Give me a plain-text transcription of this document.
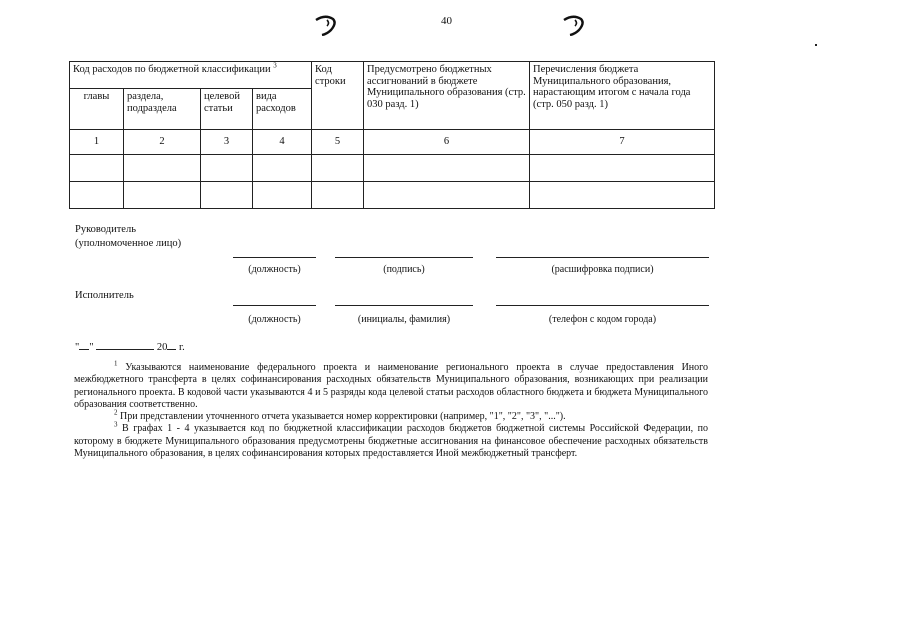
40
Код расходов по бюджетной классификации $^3$				Код строки	Предусмотрено бюджетных ассигнований в бюджете Муниципального образования (стр. 030 разд. 1)	Перечисления бюджета Муниципального образования, нарастающим итогом с начала года (стр. 050 разд. 1)
главы	раздела, подраздела	целевой статьи	вида расходов			
1	2	3	4	5	6	7

Руководитель
(уполномоченное лицо)
(должность)	(подпись)	(расшифровка подписи)
Исполнитель
(должность)	(инициалы, фамилия)	(телефон с кодом города)
" "	20 г.

$^1$ Указываются наименование федерального проекта и наименование регионального проекта в случае предоставления Иного межбюджетного трансферта в целях софинансирования расходных обязательств Муниципального образования, возникающих при реализации регионального проекта. В кодовой части указываются 4 и 5 разряды кода целевой статьи расходов областного бюджета и бюджета Муниципального образования соответственно.

$^2$ При представлении уточненного отчета указывается номер корректировки (например, "1", "2", "3", "...").

$^3$ В графах 1 - 4 указывается код по бюджетной классификации расходов бюджетов бюджетной системы Российской Федерации, по которому в бюджете Муниципального образования предусмотрены бюджетные ассигнования на финансовое обеспечение расходных обязательств Муниципального образования, в целях софинансирования которых предоставляется Иной межбюджетный трансферт.
